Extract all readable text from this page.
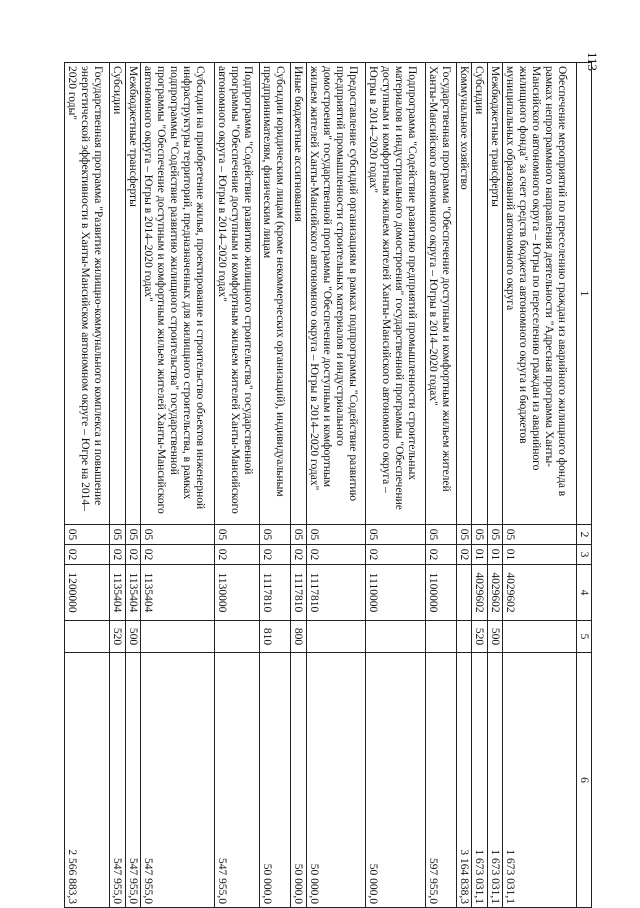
113
1	2	3	4	5	6
Обеспечение мероприятий по переселению граждан из аварийного жилищного фонда в рамках непрограммного направления деятельности "Адресная программа Ханты-Мансийского автономного округа – Югры по переселению граждан из аварийного жилищного фонда" за счет средств бюджета автономного округа и бюджетов муниципальных образований автономного округа	05	01	4029602		1 673 031,1
Межбюджетные трансферты	05	01	4029602	500	1 673 031,1
Субсидии	05	01	4029602	520	1 673 031,1
Коммунальное хозяйство	05	02			3 164 838,3
Государственная программа "Обеспечение доступным и комфортным жильем жителей Ханты-Мансийского автономного округа – Югры в 2014–2020 годах"	05	02	1100000		597 955,0
Подпрограмма "Содействие развитию предприятий промышленности строительных материалов и индустриального домостроения" государственной программы "Обеспечение доступным и комфортным жильем жителей Ханты-Мансийского автономного округа – Югры в 2014–2020 годах"	05	02	1110000		50 000,0
Предоставление субсидий организациям в рамках подпрограммы "Содействие развитию предприятий промышленности строительных материалов и индустриального домостроения" государственной программы "Обеспечение доступным и комфортным жильем жителей Ханты-Мансийского автономного округа – Югры в 2014–2020 годах"	05	02	1117810		50 000,0
Иные бюджетные ассигнования	05	02	1117810	800	50 000,0
Субсидии юридическим лицам (кроме некоммерческих организаций), индивидуальным предпринимателям, физическим лицам	05	02	1117810	810	50 000,0
Подпрограмма "Содействие развитию жилищного строительства" государственной программы "Обеспечение доступным и комфортным жильем жителей Ханты-Мансийского автономного округа – Югры в 2014–2020 годах"	05	02	1130000		547 955,0
Субсидии на приобретение жилья, проектирование и строительство объектов инженерной инфраструктуры территорий, предназначенных для жилищного строительства, в рамках подпрограммы "Содействие развитию жилищного строительства" государственной программы "Обеспечение доступным и комфортным жильем жителей Ханты-Мансийского автономного округа – Югры в 2014–2020 годах"	05	02	1135404		547 955,0
Межбюджетные трансферты	05	02	1135404	500	547 955,0
Субсидии	05	02	1135404	520	547 955,0
Государственная программа "Развитие жилищно-коммунального комплекса и повышение энергетической эффективности в Ханты-Мансийском автономном округе – Югре на 2014–2020 годы"	05	02	1200000		2 566 883,3
